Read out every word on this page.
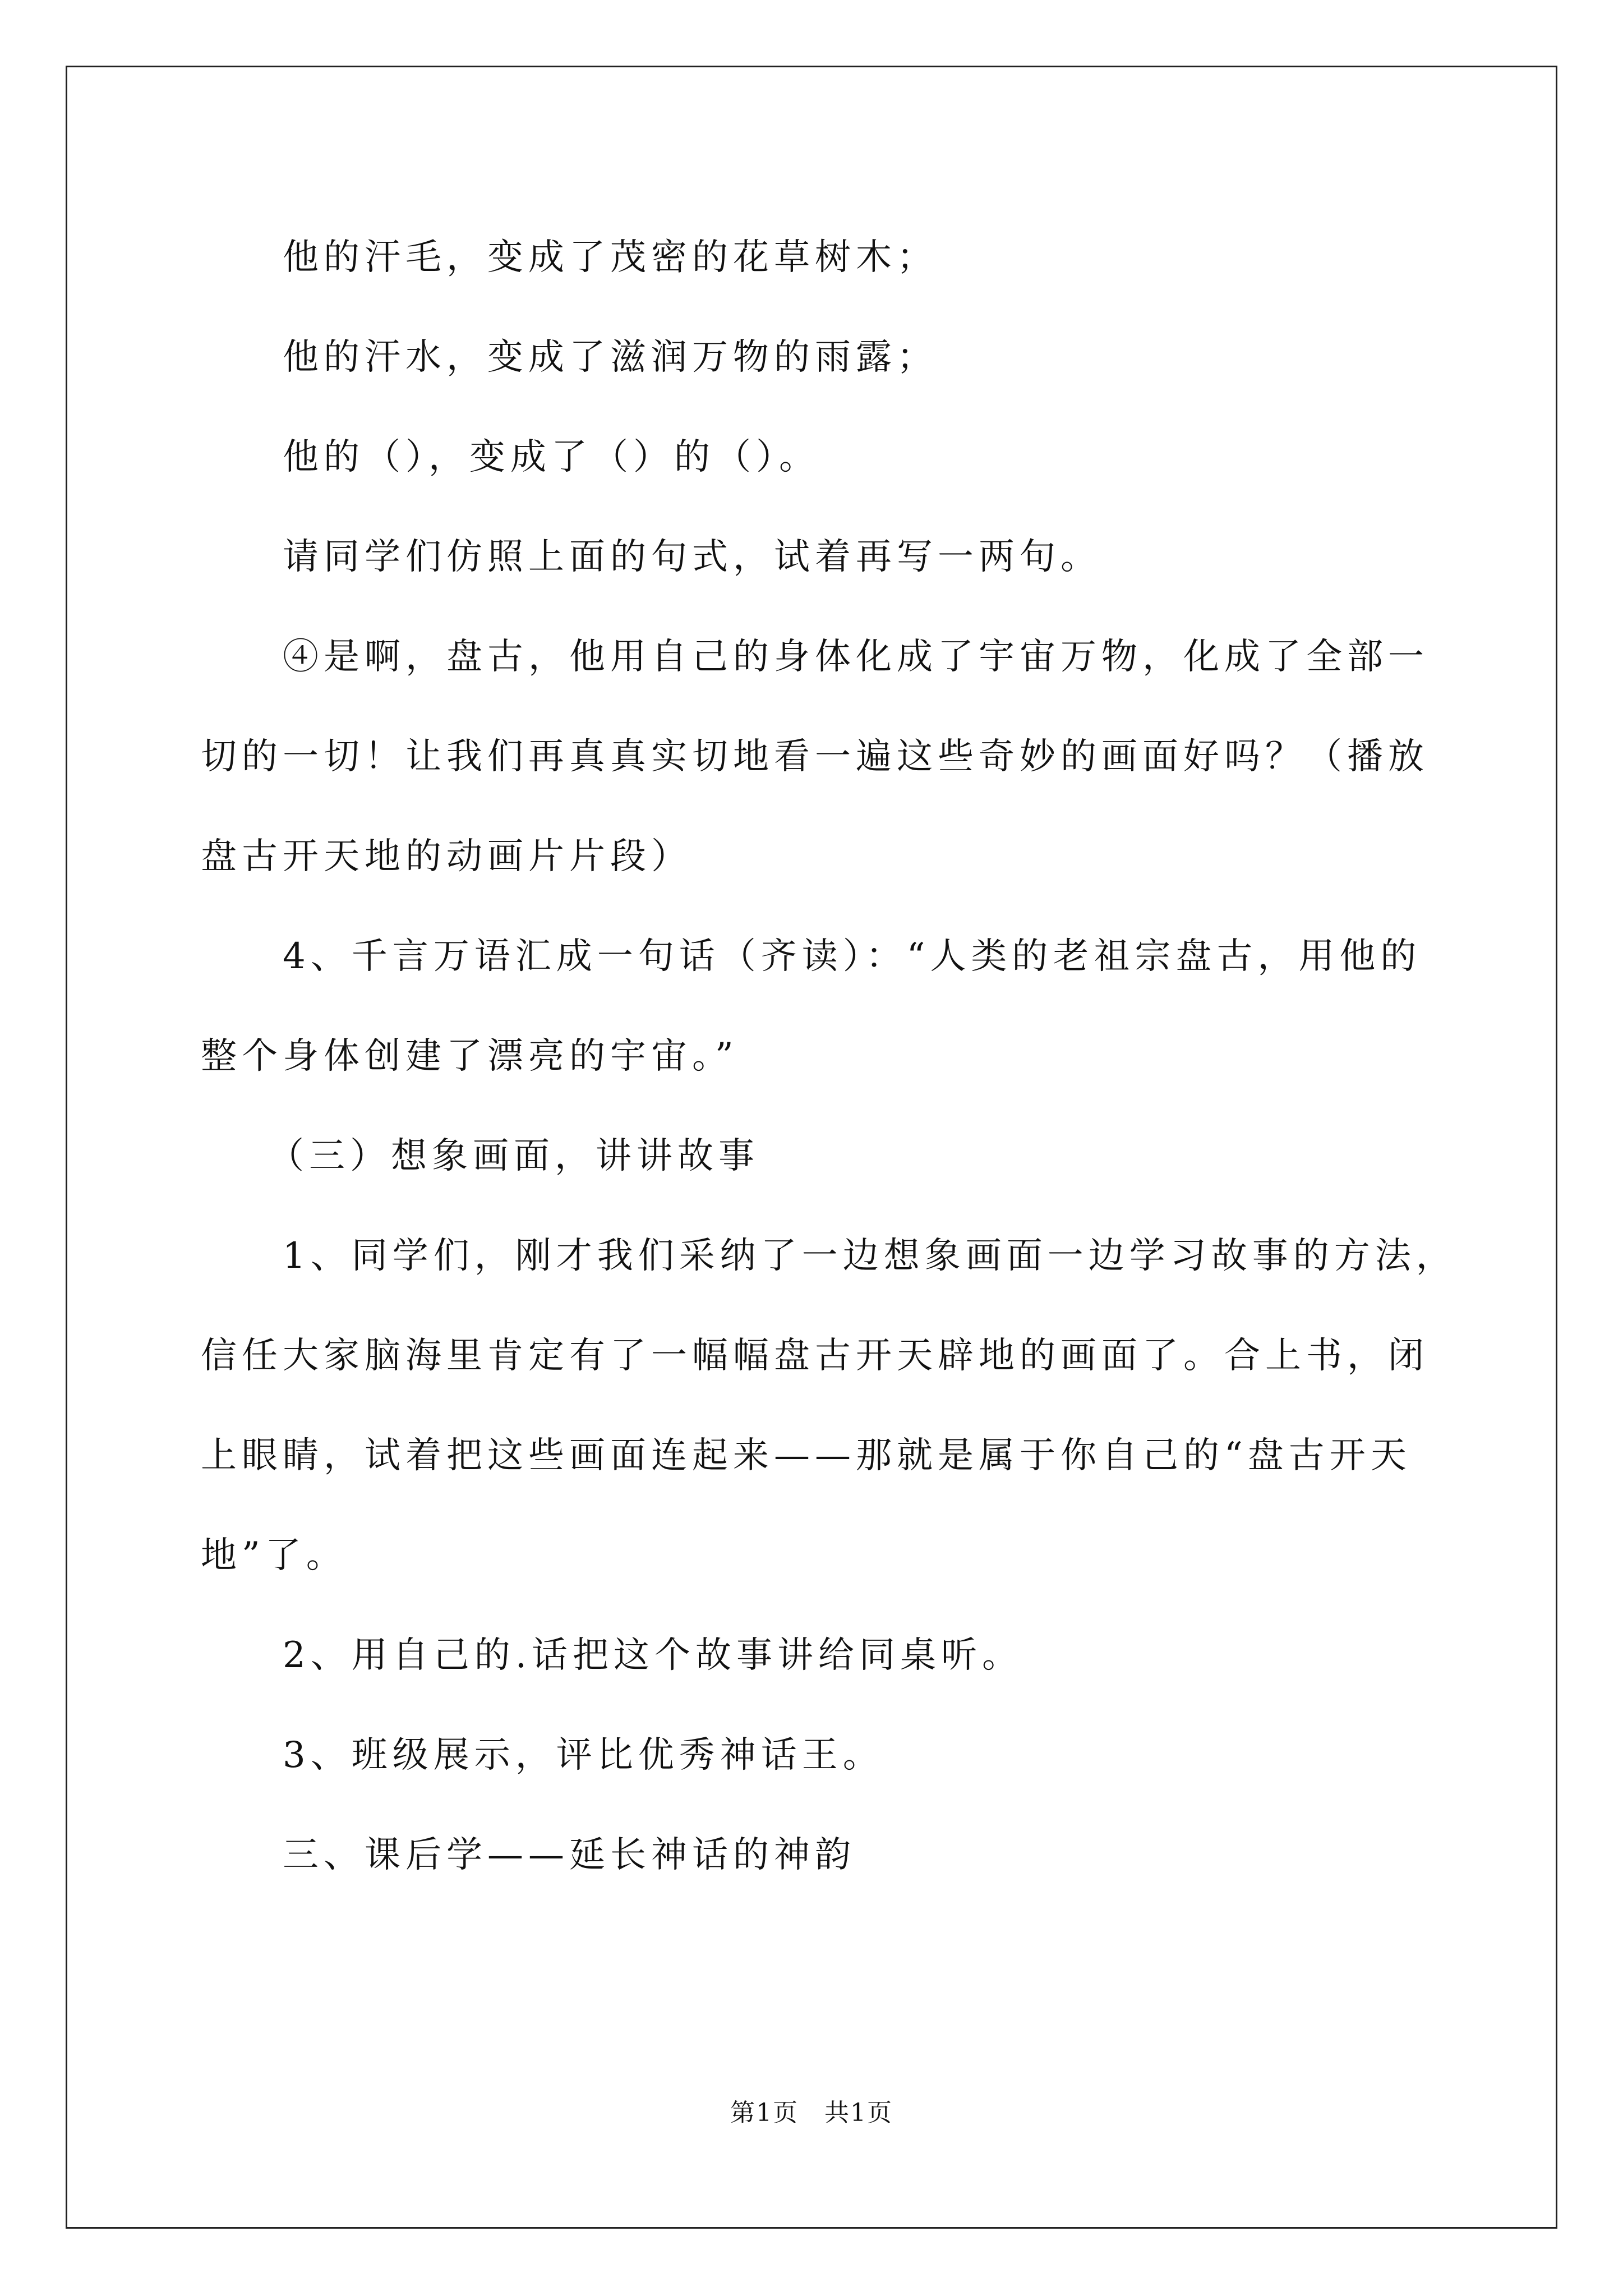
他的汗毛，变成了茂密的花草树木；

他的汗水，变成了滋润万物的雨露；

他的（），变成了（）的（）。

请同学们仿照上面的句式，试着再写一两句。

④是啊，盘古，他用自己的身体化成了宇宙万物，化成了全部一

切的一切！让我们再真真实切地看一遍这些奇妙的画面好吗？（播放

盘古开天地的动画片片段）

4、千言万语汇成一句话（齐读）：“人类的老祖宗盘古，用他的

整个身体创建了漂亮的宇宙。”

（三）想象画面，讲讲故事

1、同学们，刚才我们采纳了一边想象画面一边学习故事的方法，

信任大家脑海里肯定有了一幅幅盘古开天辟地的画面了。合上书，闭

上眼睛，试着把这些画面连起来——那就是属于你自己的“盘古开天

地”了。

2、用自己的.话把这个故事讲给同桌听。

3、班级展示，评比优秀神话王。

三、课后学——延长神话的神韵

第1页　共1页
